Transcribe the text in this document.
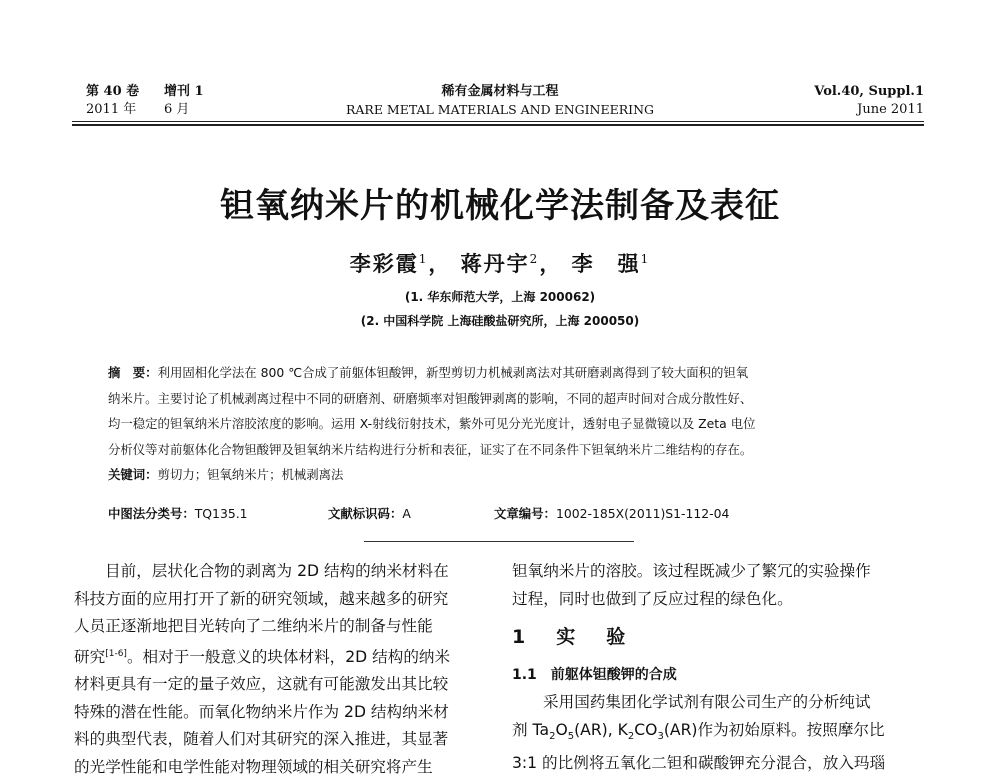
第 40 卷 增刊 1
2011 年 6 月
稀有金属材料与工程
RARE METAL MATERIALS AND ENGINEERING
Vol.40, Suppl.1
June 2011
钽氧纳米片的机械化学法制备及表征
李彩霞$^1$， 蒋丹宇$^2$， 李　强$^1$
(1. 华东师范大学，上海 200062)
(2. 中国科学院 上海硅酸盐研究所，上海 200050)
摘　要：利用固相化学法在 800 ℃合成了前躯体钽酸钾，新型剪切力机械剥离法对其研磨剥离得到了较大面积的钽氧
纳米片。主要讨论了机械剥离过程中不同的研磨剂、研磨频率对钽酸钾剥离的影响，不同的超声时间对合成分散性好、
均一稳定的钽氧纳米片溶胶浓度的影响。运用 X-射线衍射技术，紫外可见分光光度计，透射电子显微镜以及 Zeta 电位
分析仪等对前躯体化合物钽酸钾及钽氧纳米片结构进行分析和表征，证实了在不同条件下钽氧纳米片二维结构的存在。
关键词：剪切力；钽氧纳米片；机械剥离法
中图法分类号：TQ135.1	文献标识码：A	文章编号：1002-185X(2011)S1-112-04
目前，层状化合物的剥离为 2D 结构的纳米材料在
科技方面的应用打开了新的研究领域，越来越多的研究
人员正逐渐地把目光转向了二维纳米片的制备与性能
研究[1-6]。相对于一般意义的块体材料，2D 结构的纳米
材料更具有一定的量子效应，这就有可能激发出其比较
特殊的潜在性能。而氧化物纳米片作为 2D 结构纳米材
料的典型代表，随着人们对其研究的深入推进，其显著
的光学性能和电学性能对物理领域的相关研究将产生
钽氧纳米片的溶胶。该过程既减少了繁冗的实验操作
过程，同时也做到了反应过程的绿色化。
1　实　验
1.1　前躯体钽酸钾的合成
采用国药集团化学试剂有限公司生产的分析纯试
剂 $Ta_2O_5(AR)$, $K_2CO_3(AR)$作为初始原料。按照摩尔比
3:1 的比例将五氧化二钽和碳酸钾充分混合，放入玛瑙
